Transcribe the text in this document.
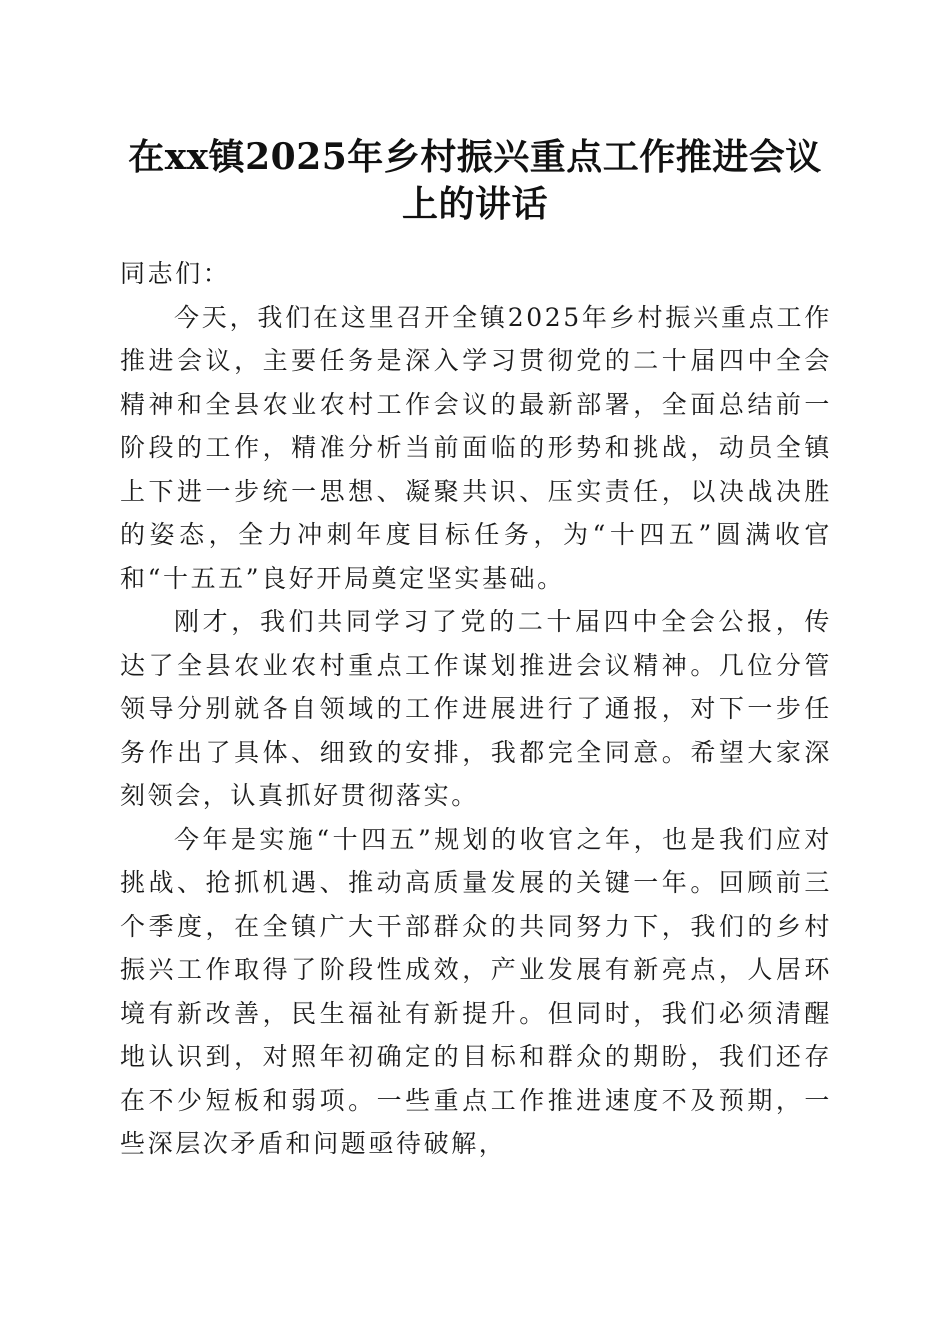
在xx镇2025年乡村振兴重点工作推进会议上的讲话

同志们：

今天，我们在这里召开全镇2025年乡村振兴重点工作推进会议，主要任务是深入学习贯彻党的二十届四中全会精神和全县农业农村工作会议的最新部署，全面总结前一阶段的工作，精准分析当前面临的形势和挑战，动员全镇上下进一步统一思想、凝聚共识、压实责任，以决战决胜的姿态，全力冲刺年度目标任务，为“十四五”圆满收官和“十五五”良好开局奠定坚实基础。

刚才，我们共同学习了党的二十届四中全会公报，传达了全县农业农村重点工作谋划推进会议精神。几位分管领导分别就各自领域的工作进展进行了通报，对下一步任务作出了具体、细致的安排，我都完全同意。希望大家深刻领会，认真抓好贯彻落实。

今年是实施“十四五”规划的收官之年，也是我们应对挑战、抢抓机遇、推动高质量发展的关键一年。回顾前三个季度，在全镇广大干部群众的共同努力下，我们的乡村振兴工作取得了阶段性成效，产业发展有新亮点，人居环境有新改善，民生福祉有新提升。但同时，我们必须清醒地认识到，对照年初确定的目标和群众的期盼，我们还存在不少短板和弱项。一些重点工作推进速度不及预期，一些深层次矛盾和问题亟待破解，
